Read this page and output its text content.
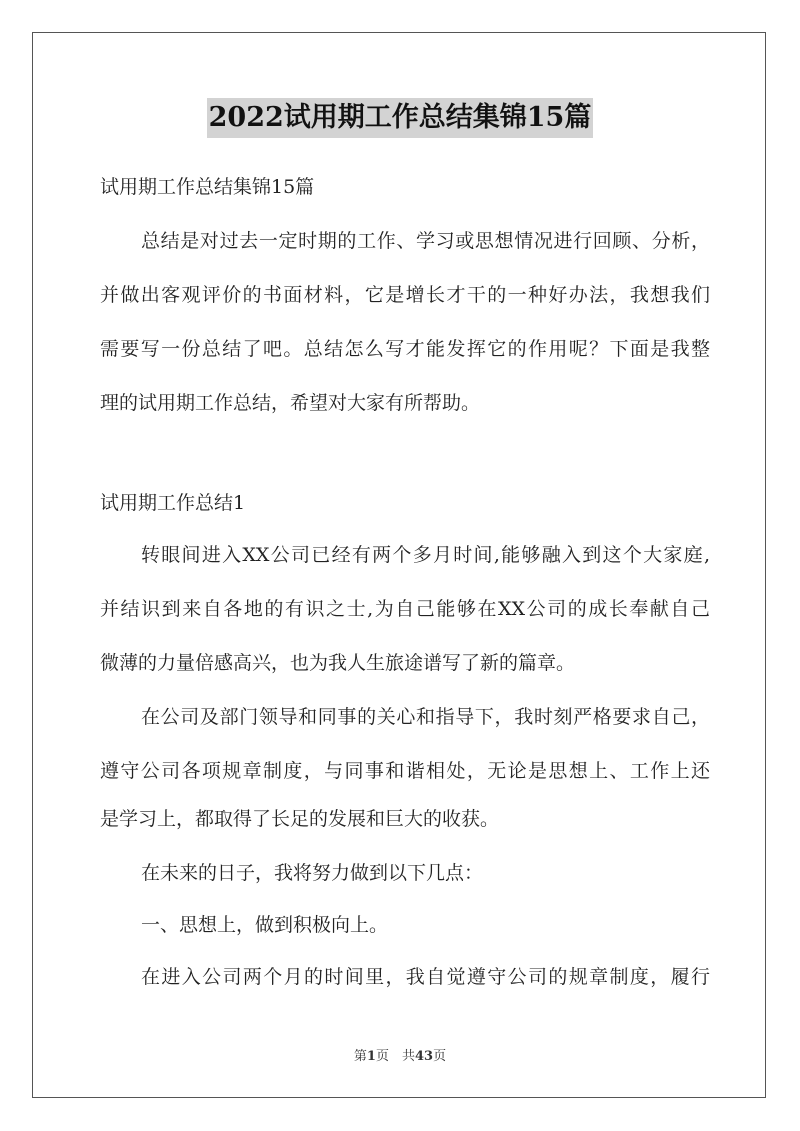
2022试用期工作总结集锦15篇
试用期工作总结集锦15篇
总结是对过去一定时期的工作、学习或思想情况进行回顾、分析，
并做出客观评价的书面材料，它是增长才干的一种好办法，我想我们
需要写一份总结了吧。总结怎么写才能发挥它的作用呢？下面是我整
理的试用期工作总结，希望对大家有所帮助。
试用期工作总结1
转眼间进入XX公司已经有两个多月时间,能够融入到这个大家庭,
并结识到来自各地的有识之士,为自己能够在XX公司的成长奉献自己
微薄的力量倍感高兴，也为我人生旅途谱写了新的篇章。
在公司及部门领导和同事的关心和指导下，我时刻严格要求自己，
遵守公司各项规章制度，与同事和谐相处，无论是思想上、工作上还
是学习上，都取得了长足的发展和巨大的收获。
在未来的日子，我将努力做到以下几点：
一、思想上，做到积极向上。
在进入公司两个月的时间里，我自觉遵守公司的规章制度，履行
第1页　共43页
